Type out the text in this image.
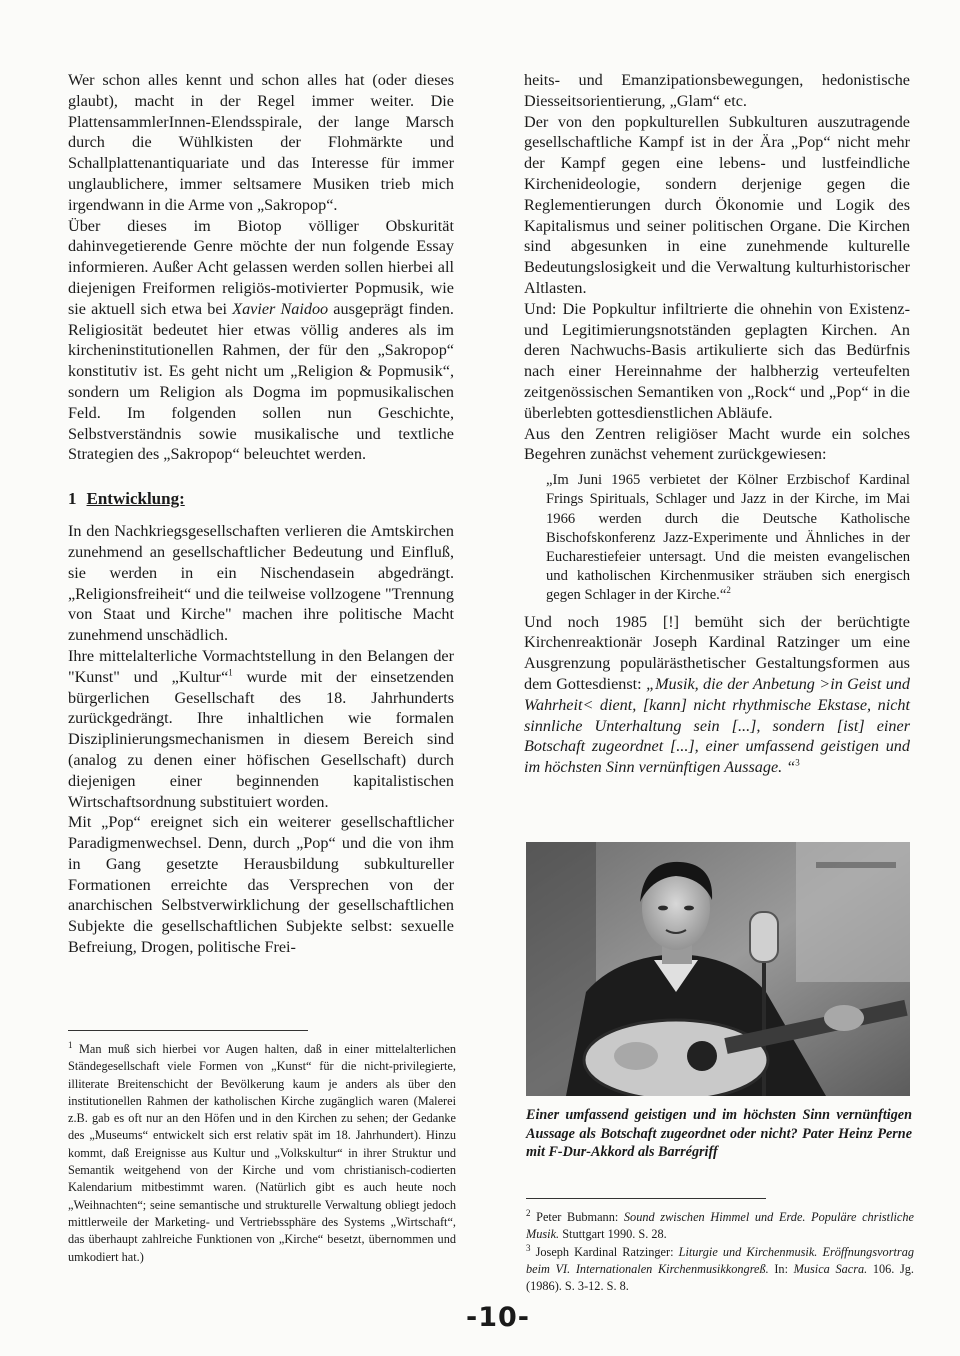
Wer schon alles kennt und schon alles hat (oder dieses glaubt), macht in der Regel immer weiter. Die PlattensammlerInnen-Elendsspirale, der lange Marsch durch die Wühlkisten der Flohmärkte und Schallplattenantiquariate und das Interesse für immer unglaublichere, immer seltsamere Musiken trieb mich irgendwann in die Arme von „Sakropop“.

Über dieses im Biotop völliger Obskurität dahinvegetierende Genre möchte der nun folgende Essay informieren. Außer Acht gelassen werden sollen hierbei all diejenigen Freiformen religiös-motivierter Popmusik, wie sie aktuell sich etwa bei Xavier Naidoo ausgeprägt finden. Religiosität bedeutet hier etwas völlig anderes als im kircheninstitutionellen Rahmen, der für den „Sakropop“ konstitutiv ist. Es geht nicht um „Religion & Popmusik“, sondern um Religion als Dogma im popmusikalischen Feld. Im folgenden sollen nun Geschichte, Selbstverständnis sowie musikalische und textliche Strategien des „Sakropop“ beleuchtet werden.

1 Entwicklung:

In den Nachkriegsgesellschaften verlieren die Amtskirchen zunehmend an gesellschaftlicher Bedeutung und Einfluß, sie werden in ein Nischendasein abgedrängt. „Religionsfreiheit“ und die teilweise vollzogene "Trennung von Staat und Kirche" machen ihre politische Macht zunehmend unschädlich.

Ihre mittelalterliche Vormachtstellung in den Belangen der "Kunst" und „Kultur“$^1$ wurde mit der einsetzenden bürgerlichen Gesellschaft des 18. Jahrhunderts zurückgedrängt. Ihre inhaltlichen wie formalen Disziplinierungsmechanismen in diesem Bereich sind (analog zu denen einer höfischen Gesellschaft) durch diejenigen einer beginnenden kapitalistischen Wirtschaftsordnung substituiert worden.

Mit „Pop“ ereignet sich ein weiterer gesellschaftlicher Paradigmenwechsel. Denn, durch „Pop“ und die von ihm in Gang gesetzte Herausbildung subkultureller Formationen erreichte das Versprechen von der anarchischen Selbstverwirklichung der gesellschaftlichen Subjekte die gesellschaftlichen Subjekte selbst: sexuelle Befreiung, Drogen, politische Frei-

$^1$ Man muß sich hierbei vor Augen halten, daß in einer mittelalterlichen Ständegesellschaft viele Formen von „Kunst“ für die nicht-privilegierte, illiterate Breitenschicht der Bevölkerung kaum je anders als über den institutionellen Rahmen der katholischen Kirche zugänglich waren (Malerei z.B. gab es oft nur an den Höfen und in den Kirchen zu sehen; der Gedanke des „Museums“ entwickelt sich erst relativ spät im 18. Jahrhundert). Hinzu kommt, daß Ereignisse aus Kultur und „Volkskultur“ in ihrer Struktur und Semantik weitgehend von der Kirche und vom christianisch-codierten Kalendarium mitbestimmt waren. (Natürlich gibt es auch heute noch „Weihnachten“; seine semantische und strukturelle Verwaltung obliegt jedoch mittlerweile der Marketing- und Vertriebssphäre des Systems „Wirtschaft“, das überhaupt zahlreiche Funktionen von „Kirche“ besetzt, übernommen und umkodiert hat.)

heits- und Emanzipationsbewegungen, hedonistische Diesseitsorientierung, „Glam“ etc.

Der von den popkulturellen Subkulturen auszutragende gesellschaftliche Kampf ist in der Ära „Pop“ nicht mehr der Kampf gegen eine lebens- und lustfeindliche Kirchenideologie, sondern derjenige gegen die Reglementierungen durch Ökonomie und Logik des Kapitalismus und seiner politischen Organe. Die Kirchen sind abgesunken in eine zunehmende kulturelle Bedeutungslosigkeit und die Verwaltung kulturhistorischer Altlasten.

Und: Die Popkultur infiltrierte die ohnehin von Existenz- und Legitimierungsnotständen geplagten Kirchen. An deren Nachwuchs-Basis artikulierte sich das Bedürfnis nach einer Hereinnahme der halbherzig verteufelten zeitgenössischen Semantiken von „Rock“ und „Pop“ in die überlebten gottesdienstlichen Abläufe.

Aus den Zentren religiöser Macht wurde ein solches Begehren zunächst vehement zurückgewiesen:

„Im Juni 1965 verbietet der Kölner Erzbischof Kardinal Frings Spirituals, Schlager und Jazz in der Kirche, im Mai 1966 werden durch die Deutsche Katholische Bischofskonferenz Jazz-Experimente und Ähnliches in der Eucharestiefeier untersagt. Und die meisten evangelischen und katholischen Kirchenmusiker sträuben sich energisch gegen Schlager in der Kirche.“$^2$

Und noch 1985 [!] bemüht sich der berüchtigte Kirchenreaktionär Joseph Kardinal Ratzinger um eine Ausgrenzung populärästhetischer Gestaltungsformen aus dem Gottesdienst: „Musik, die der Anbetung >in Geist und Wahrheit< dient, [kann] nicht rhythmische Ekstase, nicht sinnliche Unterhaltung sein [...], sondern [ist] einer Botschaft zugeordnet [...], einer umfassend geistigen und im höchsten Sinn vernünftigen Aussage. “$^3$

Einer umfassend geistigen und im höchsten Sinn vernünftigen Aussage als Botschaft zugeordnet oder nicht? Pater Heinz Perne mit F-Dur-Akkord als Barrégriff

$^2$ Peter Bubmann: Sound zwischen Himmel und Erde. Populäre christliche Musik. Stuttgart 1990. S. 28.

$^3$ Joseph Kardinal Ratzinger: Liturgie und Kirchenmusik. Eröffnungsvortrag beim VI. Internationalen Kirchenmusikkongreß. In: Musica Sacra. 106. Jg. (1986). S. 3-12. S. 8.

-10-
